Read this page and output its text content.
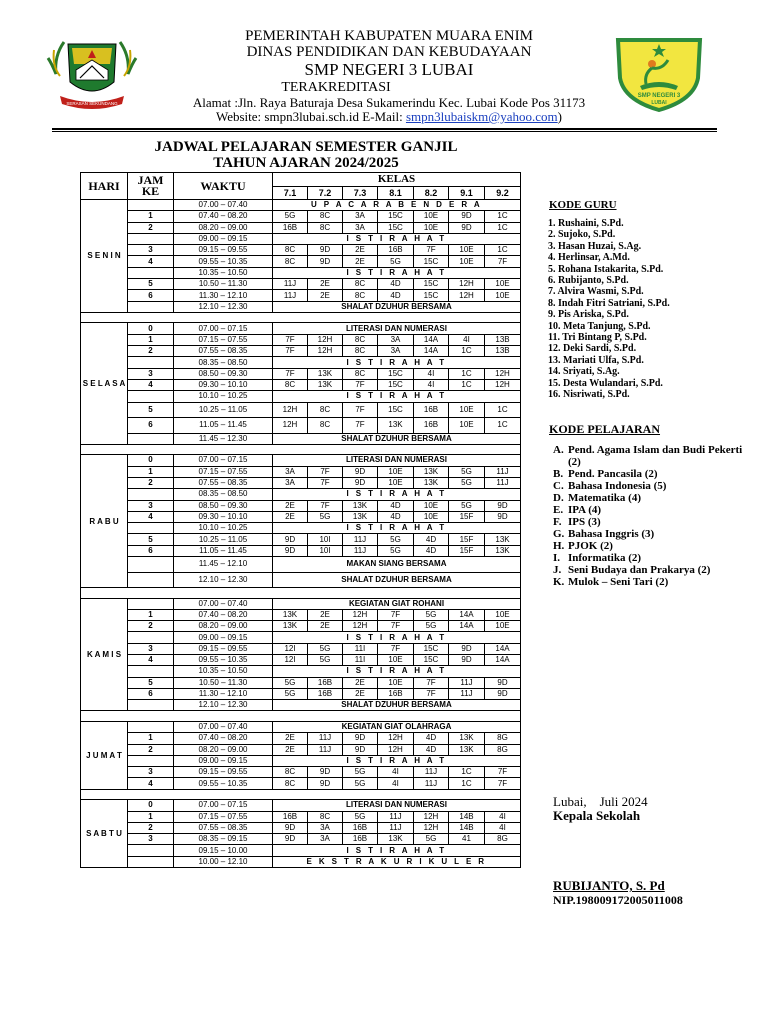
PEMERINTAH KABUPATEN MUARA ENIM
DINAS PENDIDIKAN DAN KEBUDAYAAN
SMP NEGERI 3 LUBAI
TERAKREDITASI
Alamat :Jln. Raya Baturaja Desa Sukamerindu Kec. Lubai Kode Pos 31173
Website: smpn3lubai.sch.id E-Mail: smpn3lubaiskm@yahoo.com)
SERASAN SEKUNDANG
SMP NEGERI 3
LUBAI
JADWAL PELAJARAN SEMESTER GANJIL
TAHUN AJARAN 2024/2025
HARI	JAM KE	WAKTU	KELAS						
			7.1	7.2	7.3	8.1	8.2	9.1	9.2
S E N I N		07.00 – 07.40	U P A C A R A B E N D E R A						
	1	07.40 – 08.20	5G	8C	3A	15C	10E	9D	1C
	2	08.20 – 09.00	16B	8C	3A	15C	10E	9D	1C
		09.00 – 09.15	I S T I R A H A T						
	3	09.15 – 09.55	8C	9D	2E	16B	7F	10E	1C
	4	09.55 – 10.35	8C	9D	2E	5G	15C	10E	7F
		10.35 – 10.50	I S T I R A H A T						
	5	10.50 – 11.30	11J	2E	8C	4D	15C	12H	10E
	6	11.30 – 12.10	11J	2E	8C	4D	15C	12H	10E
		12.10 – 12.30	SHALAT DZUHUR BERSAMA						

S E L A S A	0	07.00 – 07.15	LITERASI DAN NUMERASI						
	1	07.15 – 07.55	7F	12H	8C	3A	14A	4I	13B
	2	07.55 – 08.35	7F	12H	8C	3A	14A	1C	13B
		08.35 – 08.50	I S T I R A H A T						
	3	08.50 – 09.30	7F	13K	8C	15C	4I	1C	12H
	4	09.30 – 10.10	8C	13K	7F	15C	4I	1C	12H
		10.10 – 10.25	I S T I R A H A T						
	5	10.25 – 11.05	12H	8C	7F	15C	16B	10E	1C
	6	11.05 – 11.45	12H	8C	7F	13K	16B	10E	1C
		11.45 – 12.30	SHALAT DZUHUR BERSAMA						

R A B U	0	07.00 – 07.15	LITERASI DAN NUMERASI						
	1	07.15 – 07.55	3A	7F	9D	10E	13K	5G	11J
	2	07.55 – 08.35	3A	7F	9D	10E	13K	5G	11J
		08.35 – 08.50	I S T I R A H A T						
	3	08.50 – 09.30	2E	7F	13K	4D	10E	5G	9D
	4	09.30 – 10.10	2E	5G	13K	4D	10E	15F	9D
		10.10 – 10.25	I S T I R A H A T						
	5	10.25 – 11.05	9D	10I	11J	5G	4D	15F	13K
	6	11.05 – 11.45	9D	10I	11J	5G	4D	15F	13K
		11.45 – 12.10	MAKAN SIANG BERSAMA						
		12.10 – 12.30	SHALAT DZUHUR BERSAMA						

K A M I S		07.00 – 07.40	KEGIATAN GIAT ROHANI						
	1	07.40 – 08.20	13K	2E	12H	7F	5G	14A	10E
	2	08.20 – 09.00	13K	2E	12H	7F	5G	14A	10E
		09.00 – 09.15	I S T I R A H A T						
	3	09.15 – 09.55	12I	5G	11I	7F	15C	9D	14A
	4	09.55 – 10.35	12I	5G	11I	10E	15C	9D	14A
		10.35 – 10.50	I S T I R A H A T						
	5	10.50 – 11.30	5G	16B	2E	10E	7F	11J	9D
	6	11.30 – 12.10	5G	16B	2E	16B	7F	11J	9D
		12.10 – 12.30	SHALAT DZUHUR BERSAMA						

J U M A T		07.00 – 07.40	KEGIATAN GIAT OLAHRAGA						
	1	07.40 – 08.20	2E	11J	9D	12H	4D	13K	8G
	2	08.20 – 09.00	2E	11J	9D	12H	4D	13K	8G
		09.00 – 09.15	I S T I R A H A T						
	3	09.15 – 09.55	8C	9D	5G	4I	11J	1C	7F
	4	09.55 – 10.35	8C	9D	5G	4I	11J	1C	7F

S A B T U	0	07.00 – 07.15	LITERASI DAN NUMERASI						
	1	07.15 – 07.55	16B	8C	5G	11J	12H	14B	4I
	2	07.55 – 08.35	9D	3A	16B	11J	12H	14B	4I
	3	08.35 – 09.15	9D	3A	16B	13K	5G	41	8G
		09.15 – 10.00	I S T I R A H A T						
		10.00 – 12.10	E K S T R A K U R I K U L E R						
KODE GURU
1. Rushaini, S.Pd.
2. Sujoko, S.Pd.
3. Hasan Huzai, S.Ag.
4. Herlinsar, A.Md.
5. Rohana Istakarita, S.Pd.
6. Rubijanto, S.Pd.
7. Alvira Wasmi, S.Pd.
8. Indah Fitri Satriani, S.Pd.
9. Pis Ariska, S.Pd.
10. Meta Tanjung, S.Pd.
11. Tri Bintang P, S.Pd.
12. Deki Sardi, S.Pd.
13. Mariati Ulfa, S.Pd.
14. Sriyati, S.Ag.
15. Desta Wulandari, S.Pd.
16. Nisriwati, S.Pd.
KODE PELAJARAN
A. Pend. Agama Islam dan Budi Pekerti (2)
B. Pend. Pancasila (2)
C. Bahasa Indonesia (5)
D. Matematika (4)
E. IPA (4)
F. IPS (3)
G. Bahasa Inggris (3)
H. PJOK (2)
I. Informatika (2)
J. Seni Budaya dan Prakarya (2)
K. Mulok – Seni Tari (2)
Lubai,    Juli 2024
Kepala Sekolah
RUBIJANTO, S. Pd
NIP.198009172005011008
